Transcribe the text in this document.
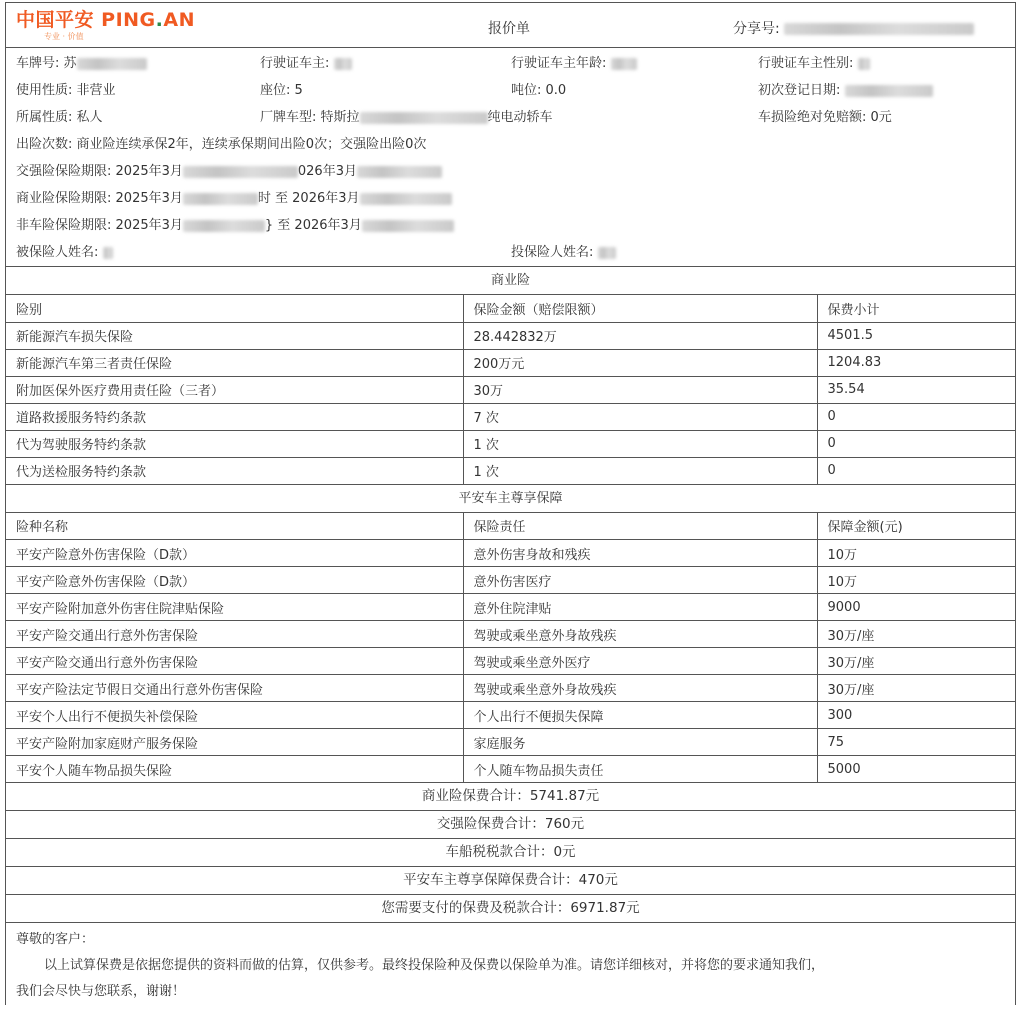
中国平安 PING.AN
专业 · 价值	报价单	分享号:
车牌号: 苏	行驶证车主:	行驶证车主年龄:	行驶证车主性别:
使用性质: 非营业	座位: 5	吨位: 0.0	初次登记日期:
所属性质: 私人	厂牌车型: 特斯拉	纯电动轿车	车损险绝对免赔额: 0元
出险次数: 商业险连续承保2年，连续承保期间出险0次；交强险出险0次
交强险保险期限: 2025年3月	026年3月
商业险保险期限: 2025年3月	时 至 2026年3月
非车险保险期限: 2025年3月	} 至 2026年3月
被保险人姓名:	投保险人姓名:
商业险
险别	保险金额（赔偿限额）	保费小计
新能源汽车损失保险	28.442832万	4501.5
新能源汽车第三者责任保险	200万元	1204.83
附加医保外医疗费用责任险（三者）	30万	35.54
道路救援服务特约条款	7 次	0
代为驾驶服务特约条款	1 次	0
代为送检服务特约条款	1 次	0
平安车主尊享保障
险种名称	保险责任	保障金额(元)
平安产险意外伤害保险（D款）	意外伤害身故和残疾	10万
平安产险意外伤害保险（D款）	意外伤害医疗	10万
平安产险附加意外伤害住院津贴保险	意外住院津贴	9000
平安产险交通出行意外伤害保险	驾驶或乘坐意外身故残疾	30万/座
平安产险交通出行意外伤害保险	驾驶或乘坐意外医疗	30万/座
平安产险法定节假日交通出行意外伤害保险	驾驶或乘坐意外身故残疾	30万/座
平安个人出行不便损失补偿保险	个人出行不便损失保障	300
平安产险附加家庭财产服务保险	家庭服务	75
平安个人随车物品损失保险	个人随车物品损失责任	5000
商业险保费合计：5741.87元
交强险保费合计：760元
车船税税款合计：0元
平安车主尊享保障保费合计：470元
您需要支付的保费及税款合计：6971.87元
尊敬的客户：
以上试算保费是依据您提供的资料而做的估算，仅供参考。最终投保险种及保费以保险单为准。请您详细核对，并将您的要求通知我们，
我们会尽快与您联系，谢谢！
